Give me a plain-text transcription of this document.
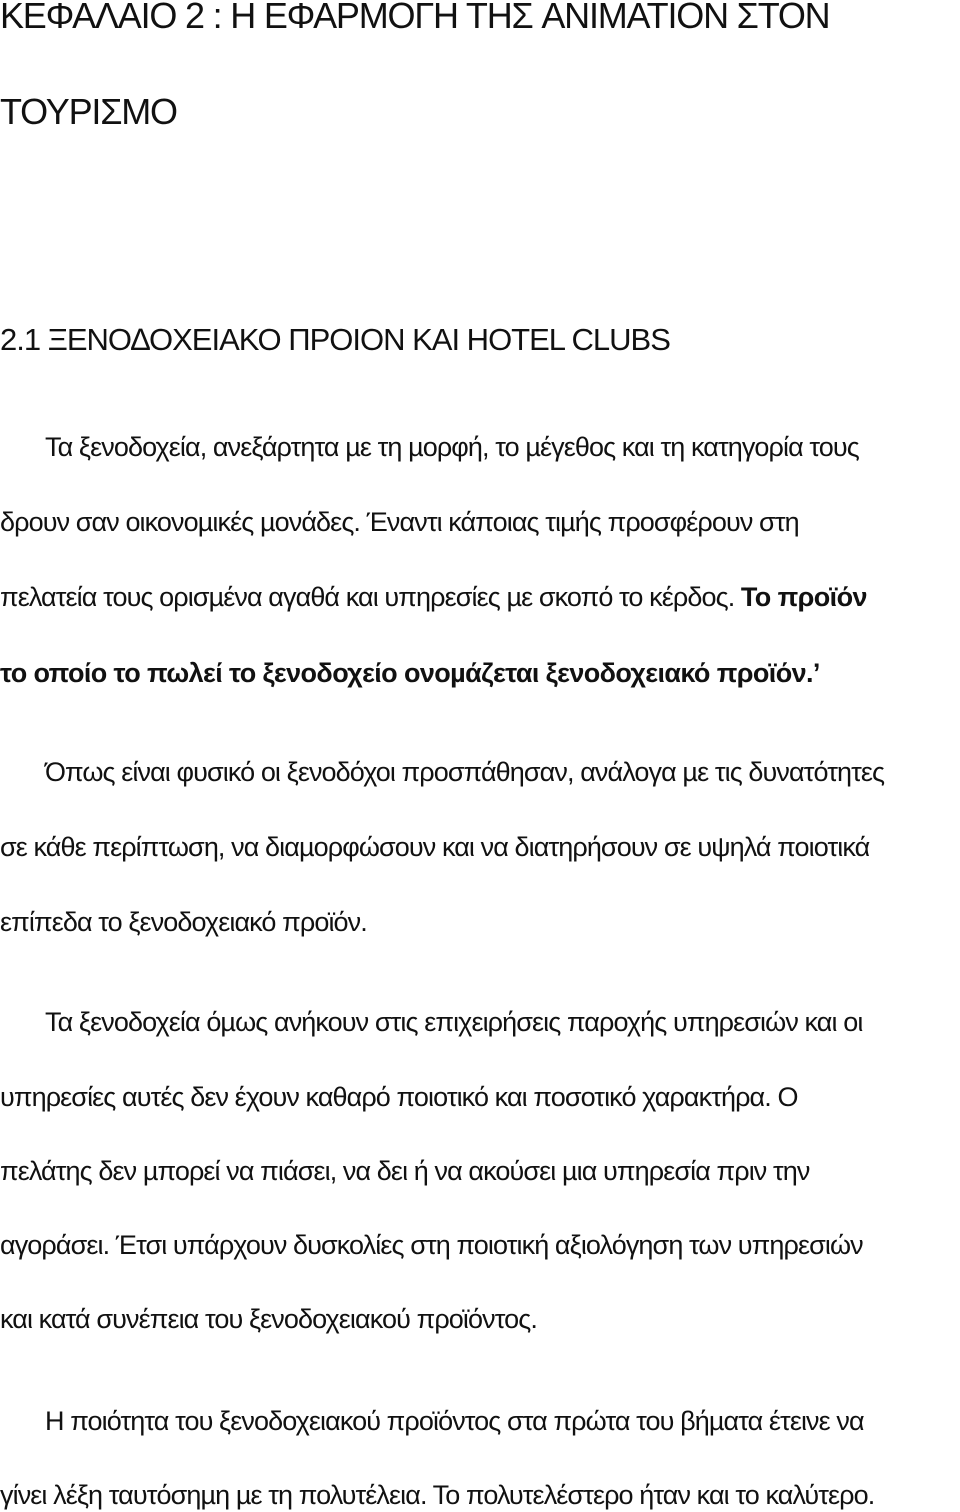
ΚΕΦΑΛΑΙΟ 2 : Η ΕΦΑΡΜΟΓΗ ΤΗΣ ANIMATION ΣΤΟΝ
ΤΟΥΡΙΣΜΟ
2.1 ΞΕΝΟ∆ΟΧΕΙΑΚΟ ΠΡΟΙΟΝ ΚΑΙ HOTEL CLUBS
Τα ξενοδοχεία, ανεξάρτητα µε τη µορφή, το µέγεθος και τη κατηγορία τους
δρουν σαν οικονοµικές µονάδες. Έναντι κάποιας τιµής προσφέρουν στη
πελατεία τους ορισµένα αγαθά και υπηρεσίες µε σκοπό το κέρδος. Το προϊόν
το οποίο το πωλεί το ξενοδοχείο ονοµάζεται ξενοδοχειακό προϊόν.’
Όπως είναι φυσικό οι ξενοδόχοι προσπάθησαν, ανάλογα µε τις δυνατότητες
σε κάθε περίπτωση, να διαµορφώσουν και να διατηρήσουν σε υψηλά ποιοτικά
επίπεδα το ξενοδοχειακό προϊόν.
Τα ξενοδοχεία όµως ανήκουν στις επιχειρήσεις παροχής υπηρεσιών και οι
υπηρεσίες αυτές δεν έχουν καθαρό ποιοτικό και ποσοτικό χαρακτήρα. Ο
πελάτης δεν µπορεί να πιάσει, να δει ή να ακούσει µια υπηρεσία πριν την
αγοράσει. Έτσι υπάρχουν δυσκολίες στη ποιοτική αξιολόγηση των υπηρεσιών
και κατά συνέπεια του ξενοδοχειακού προϊόντος.
Η ποιότητα του ξενοδοχειακού προϊόντος στα πρώτα του βήµατα έτεινε να
γίνει λέξη ταυτόσηµη µε τη πολυτέλεια. Το πολυτελέστερο ήταν και το καλύτερο.
